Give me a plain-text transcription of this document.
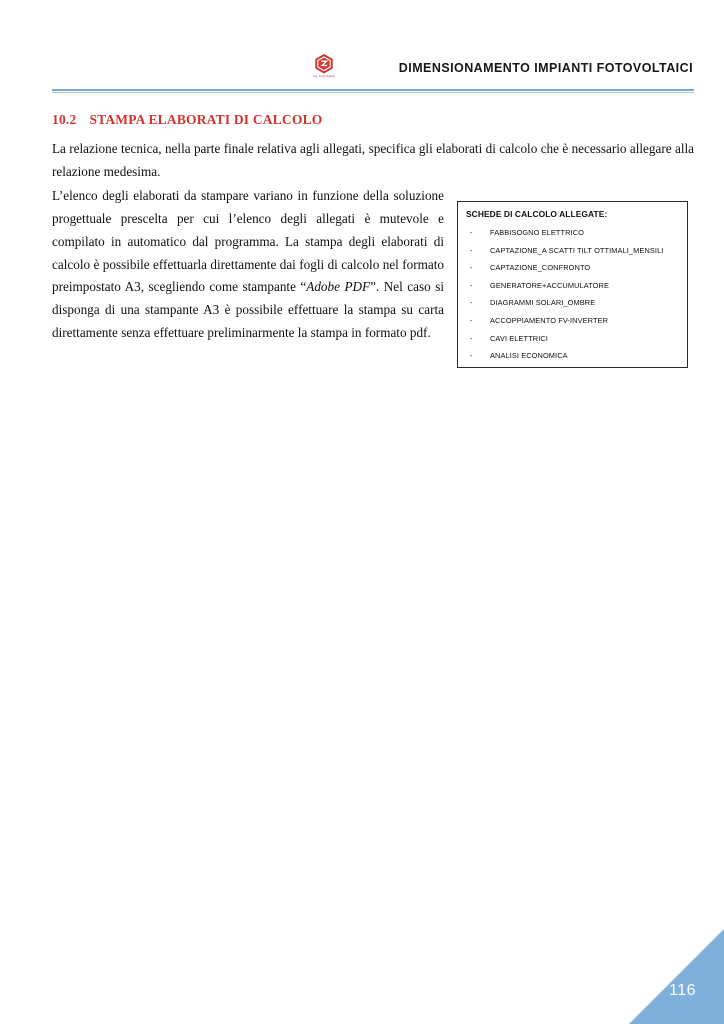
ing. Luigi Napoli
DIMENSIONAMENTO IMPIANTI FOTOVOLTAICI
10.2 STAMPA ELABORATI DI CALCOLO

La relazione tecnica, nella parte finale relativa agli allegati, specifica gli elaborati di calcolo che è necessario allegare alla relazione medesima.

L’elenco degli elaborati da stampare variano in funzione della soluzione progettuale prescelta per cui l’elenco degli allegati è mutevole e compilato in automatico dal programma. La stampa degli elaborati di calcolo è possibile effettuarla direttamente dai fogli di calcolo nel formato preimpostato A3, scegliendo come stampante “Adobe PDF”. Nel caso si disponga di una stampante A3 è possibile effettuare la stampa su carta direttamente senza effettuare preliminarmente la stampa in formato pdf.

SCHEDE DI CALCOLO ALLEGATE:
-	FABBISOGNO ELETTRICO
-	CAPTAZIONE_A SCATTI TILT OTTIMALI_MENSILI
-	CAPTAZIONE_CONFRONTO
-	GENERATORE+ACCUMULATORE
-	DIAGRAMMI SOLARI_OMBRE
-	ACCOPPIAMENTO FV-INVERTER
-	CAVI ELETTRICI
-	ANALISI ECONOMICA
116
